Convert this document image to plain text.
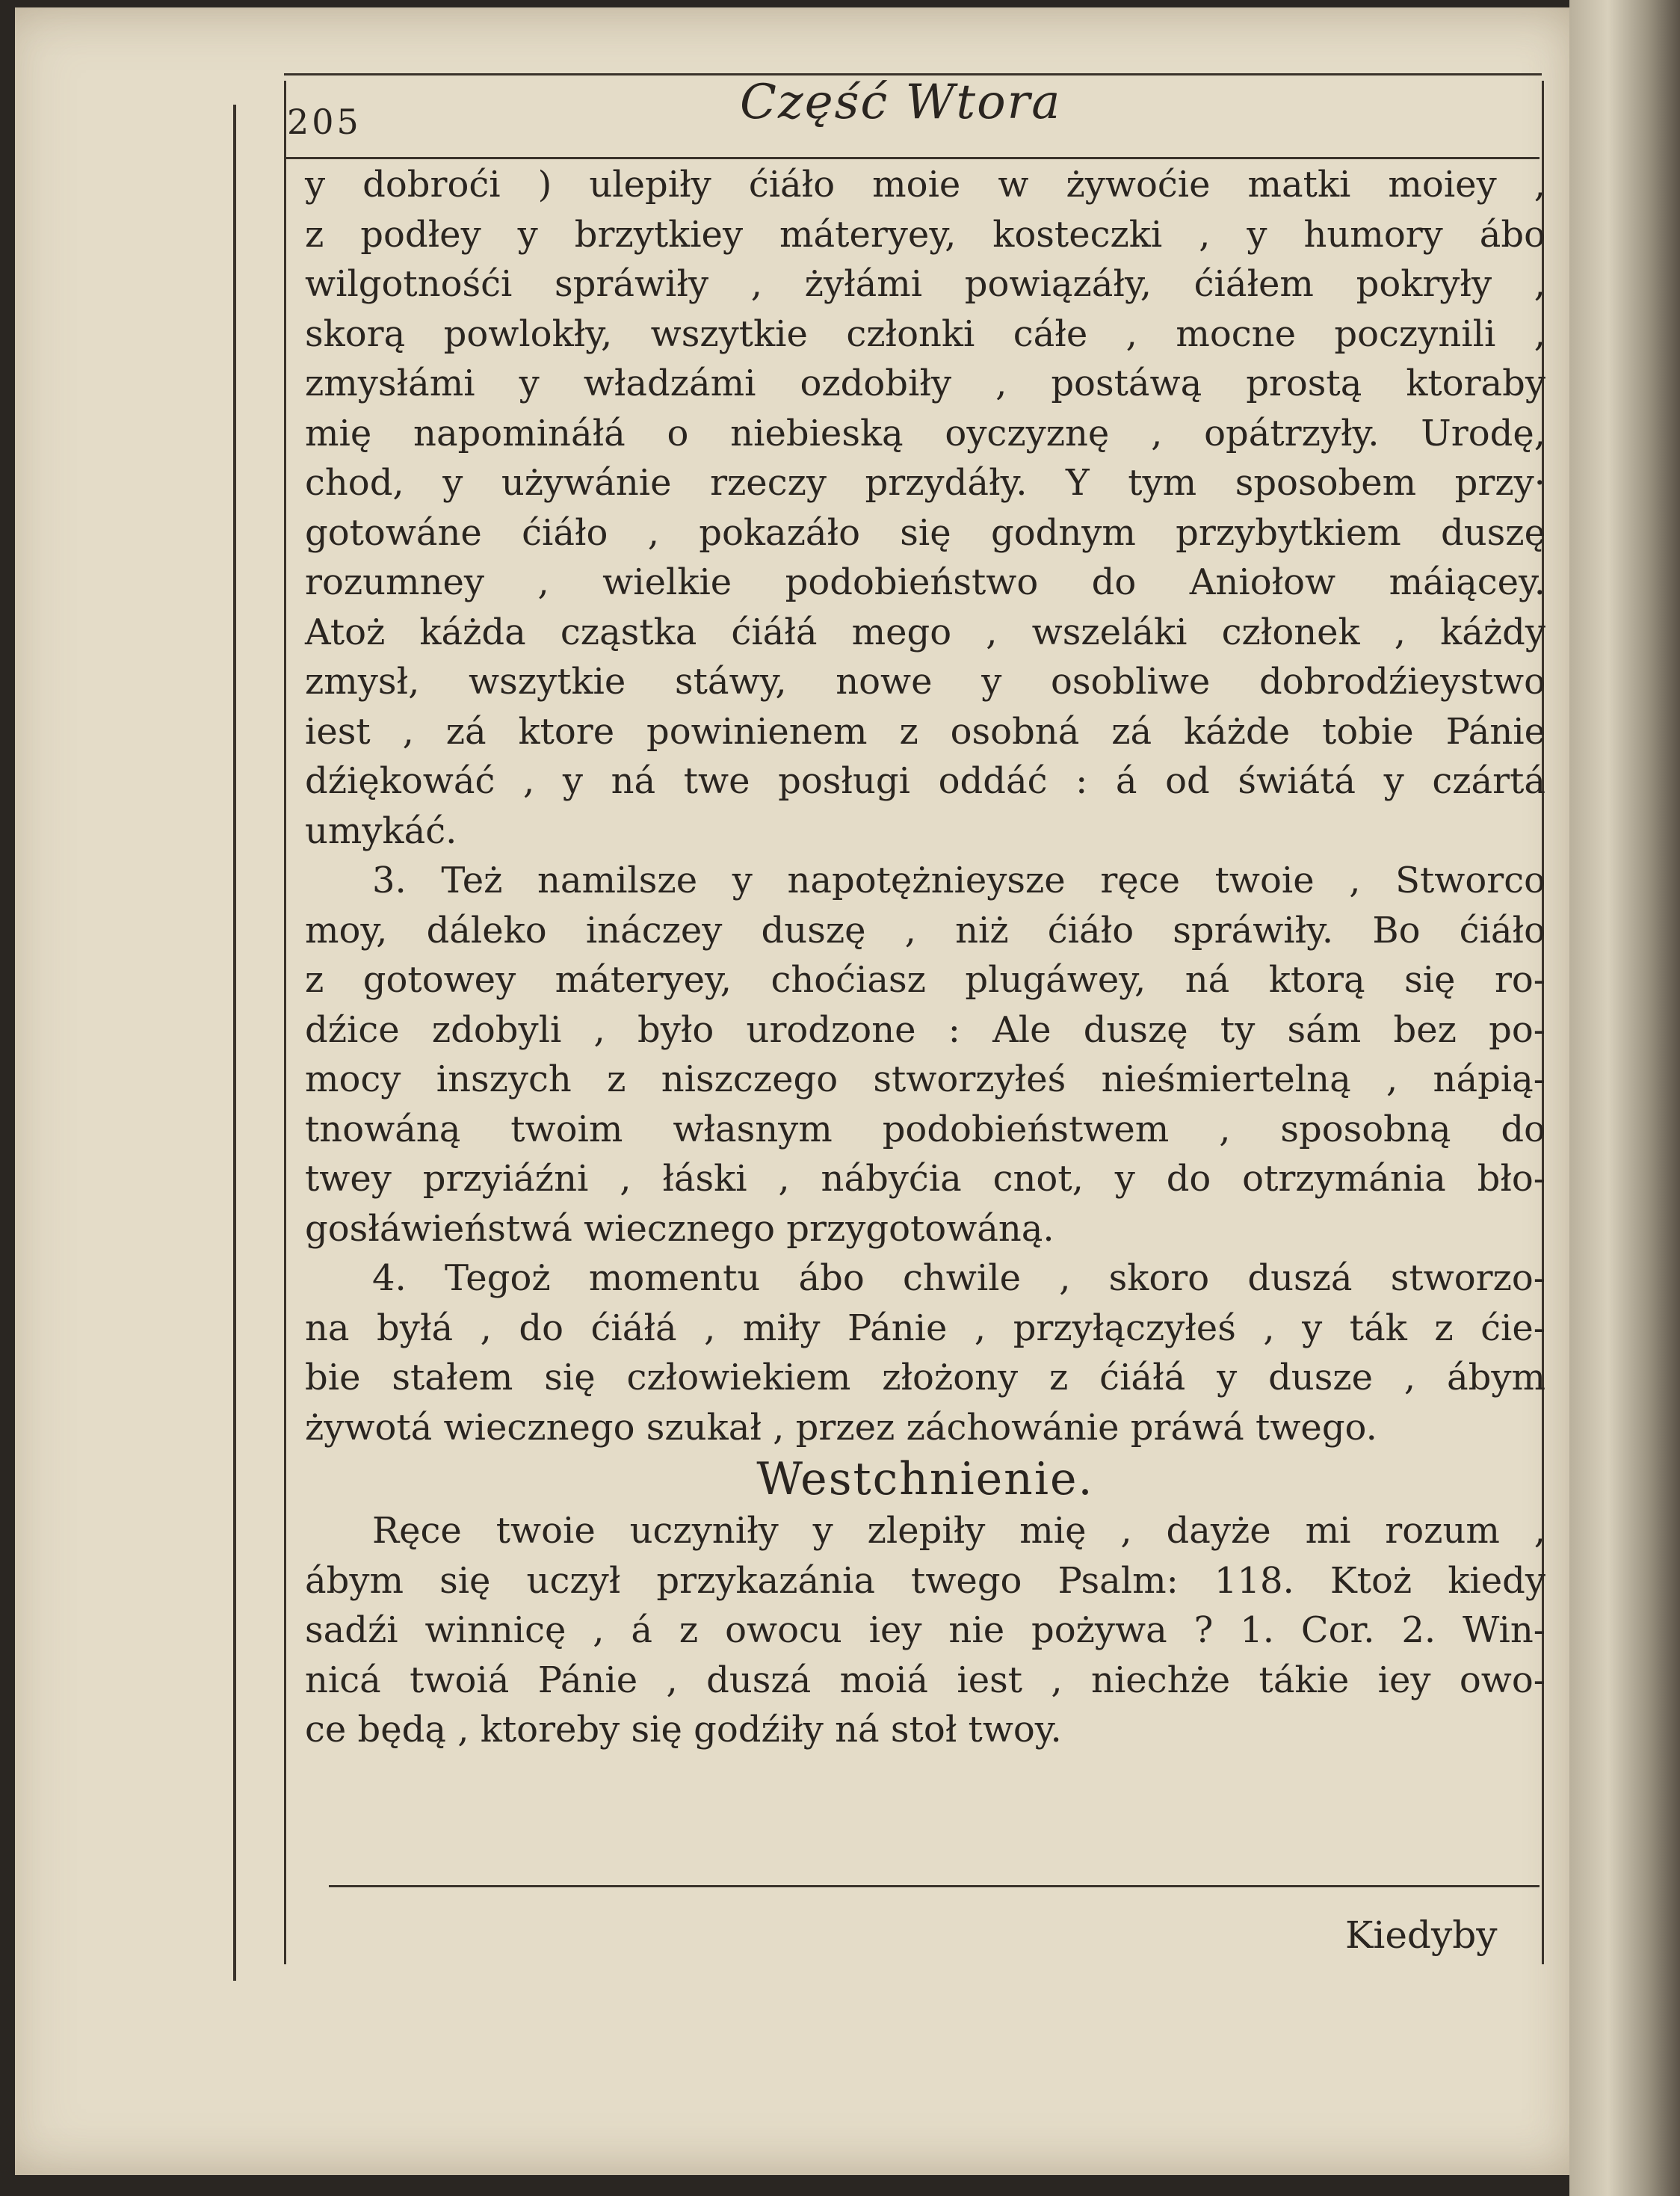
205	Część Wtora
y dobroći ) ulepiły ćiáło moie w żywoćie matki moiey ,
z podłey y brzytkiey máteryey, kosteczki , y humory ábo
wilgotnośći spráwiły , żyłámi powiązáły, ćiáłem pokryły ,
skorą powlokły, wszytkie członki cáłe , mocne poczynili ,
zmysłámi y władzámi ozdobiły , postáwą prostą ktoraby
mię napomináłá o niebieską oyczyznę , opátrzyły. Urodę,
chod, y używánie rzeczy przydáły. Y tym sposobem przy·
gotowáne ćiáło , pokazáło się godnym przybytkiem duszę
rozumney , wielkie podobieństwo do Aniołow máiącey.
Atoż káżda cząstka ćiáłá mego , wszeláki członek , káżdy
zmysł, wszytkie stáwy, nowe y osobliwe dobrodźieystwo
iest , zá ktore powinienem z osobná zá káżde tobie Pánie
dźiękowáć , y ná twe posługi oddáć : á od świátá y czártá
umykáć.
3. Też namilsze y napotężnieysze ręce twoie , Stworco
moy, dáleko ináczey duszę , niż ćiáło spráwiły. Bo ćiáło
z gotowey máteryey, choćiasz plugáwey, ná ktorą się ro-
dźice zdobyli , było urodzone : Ale duszę ty sám bez po-
mocy inszych z niszczego stworzyłeś nieśmiertelną , nápią-
tnowáną twoim własnym podobieństwem , sposobną do
twey przyiáźni , łáski , nábyćia cnot, y do otrzymánia bło-
gosłáwieństwá wiecznego przygotowáną.
4. Tegoż momentu ábo chwile , skoro duszá stworzo-
na byłá , do ćiáłá , miły Pánie , przyłączyłeś , y ták z ćie-
bie stałem się człowiekiem złożony z ćiáłá y dusze , ábym
żywotá wiecznego szukał , przez záchowánie práwá twego.
Westchnienie.
Ręce twoie uczyniły y zlepiły mię , dayże mi rozum ,
ábym się uczył przykazánia twego Psalm: 118. Ktoż kiedy
sadźi winnicę , á z owocu iey nie pożywa ? 1. Cor. 2. Win-
nicá twoiá Pánie , duszá moiá iest , niechże tákie iey owo-
ce będą , ktoreby się godźiły ná stoł twoy.
Kiedyby
